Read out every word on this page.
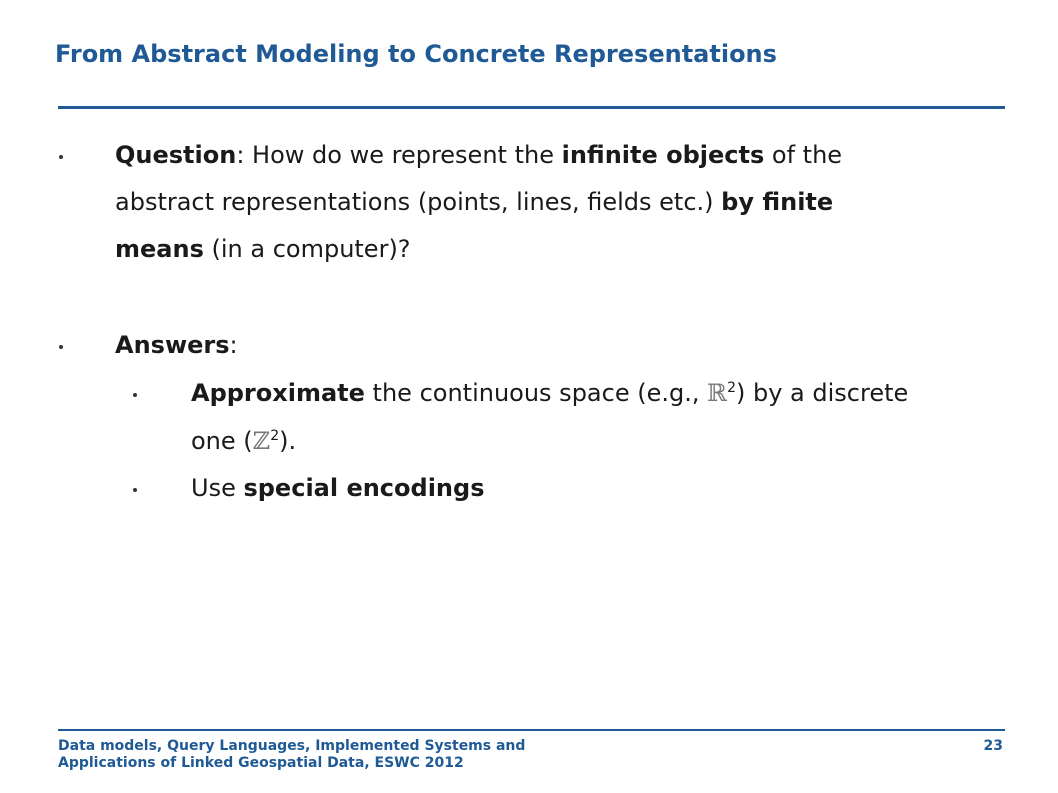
From Abstract Modeling to Concrete Representations
Question: How do we represent the infinite objects of the
abstract representations (points, lines, fields etc.) by finite
means (in a computer)?
Answers:
Approximate the continuous space (e.g., ℝ$^2$) by a discrete
one (ℤ$^2$).
Use special encodings
Data models, Query Languages, Implemented Systems and
Applications of Linked Geospatial Data, ESWC 2012
23
